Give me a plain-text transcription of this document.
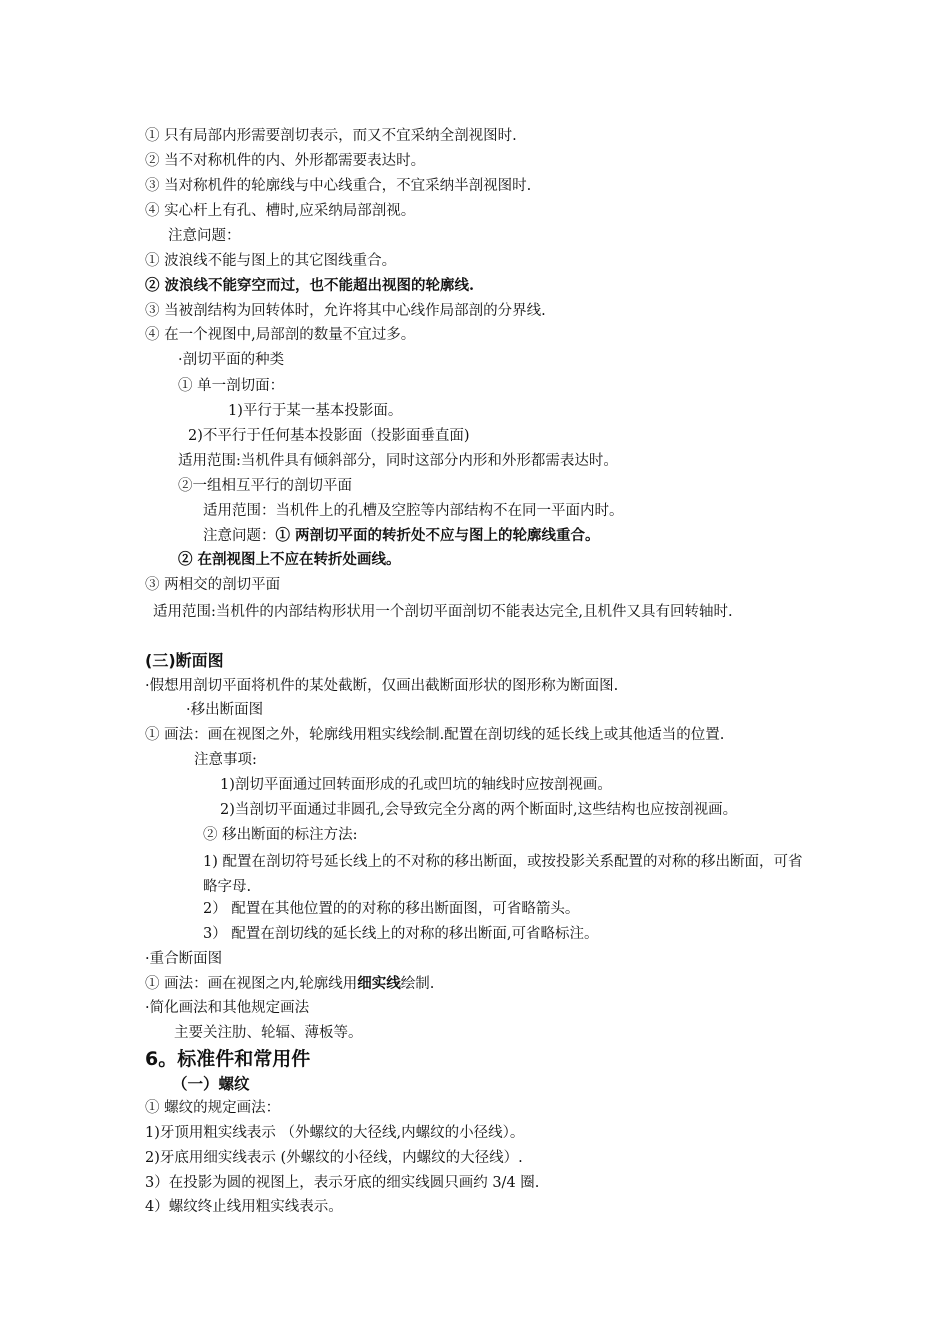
① 只有局部内形需要剖切表示，而又不宜采纳全剖视图时.
② 当不对称机件的内、外形都需要表达时。
③ 当对称机件的轮廓线与中心线重合，不宜采纳半剖视图时.
④ 实心杆上有孔、槽时,应采纳局部剖视。
注意问题：
① 波浪线不能与图上的其它图线重合。
② 波浪线不能穿空而过，也不能超出视图的轮廓线.
③ 当被剖结构为回转体时，允许将其中心线作局部剖的分界线.
④ 在一个视图中,局部剖的数量不宜过多。
·剖切平面的种类
① 单一剖切面：
1)平行于某一基本投影面。
2)不平行于任何基本投影面（投影面垂直面)
适用范围:当机件具有倾斜部分，同时这部分内形和外形都需表达时。
②一组相互平行的剖切平面
适用范围：当机件上的孔槽及空腔等内部结构不在同一平面内时。
注意问题：① 两剖切平面的转折处不应与图上的轮廓线重合。
② 在剖视图上不应在转折处画线。
③ 两相交的剖切平面
适用范围:当机件的内部结构形状用一个剖切平面剖切不能表达完全,且机件又具有回转轴时.
(三)断面图
·假想用剖切平面将机件的某处截断，仅画出截断面形状的图形称为断面图.
·移出断面图
① 画法：画在视图之外，轮廓线用粗实线绘制.配置在剖切线的延长线上或其他适当的位置.
注意事项:
1)剖切平面通过回转面形成的孔或凹坑的轴线时应按剖视画。
2)当剖切平面通过非圆孔,会导致完全分离的两个断面时,这些结构也应按剖视画。
② 移出断面的标注方法:
1) 配置在剖切符号延长线上的不对称的移出断面，或按投影关系配置的对称的移出断面，可省略字母.
2） 配置在其他位置的的对称的移出断面图，可省略箭头。
3） 配置在剖切线的延长线上的对称的移出断面,可省略标注。
·重合断面图
① 画法：画在视图之内,轮廓线用细实线绘制.
·简化画法和其他规定画法
主要关注肋、轮辐、薄板等。
6。标准件和常用件
（一）螺纹
① 螺纹的规定画法：
1)牙顶用粗实线表示 （外螺纹的大径线,内螺纹的小径线）。
2)牙底用细实线表示 (外螺纹的小径线，内螺纹的大径线）.
3）在投影为圆的视图上，表示牙底的细实线圆只画约 3/4 圈.
4）螺纹终止线用粗实线表示。
